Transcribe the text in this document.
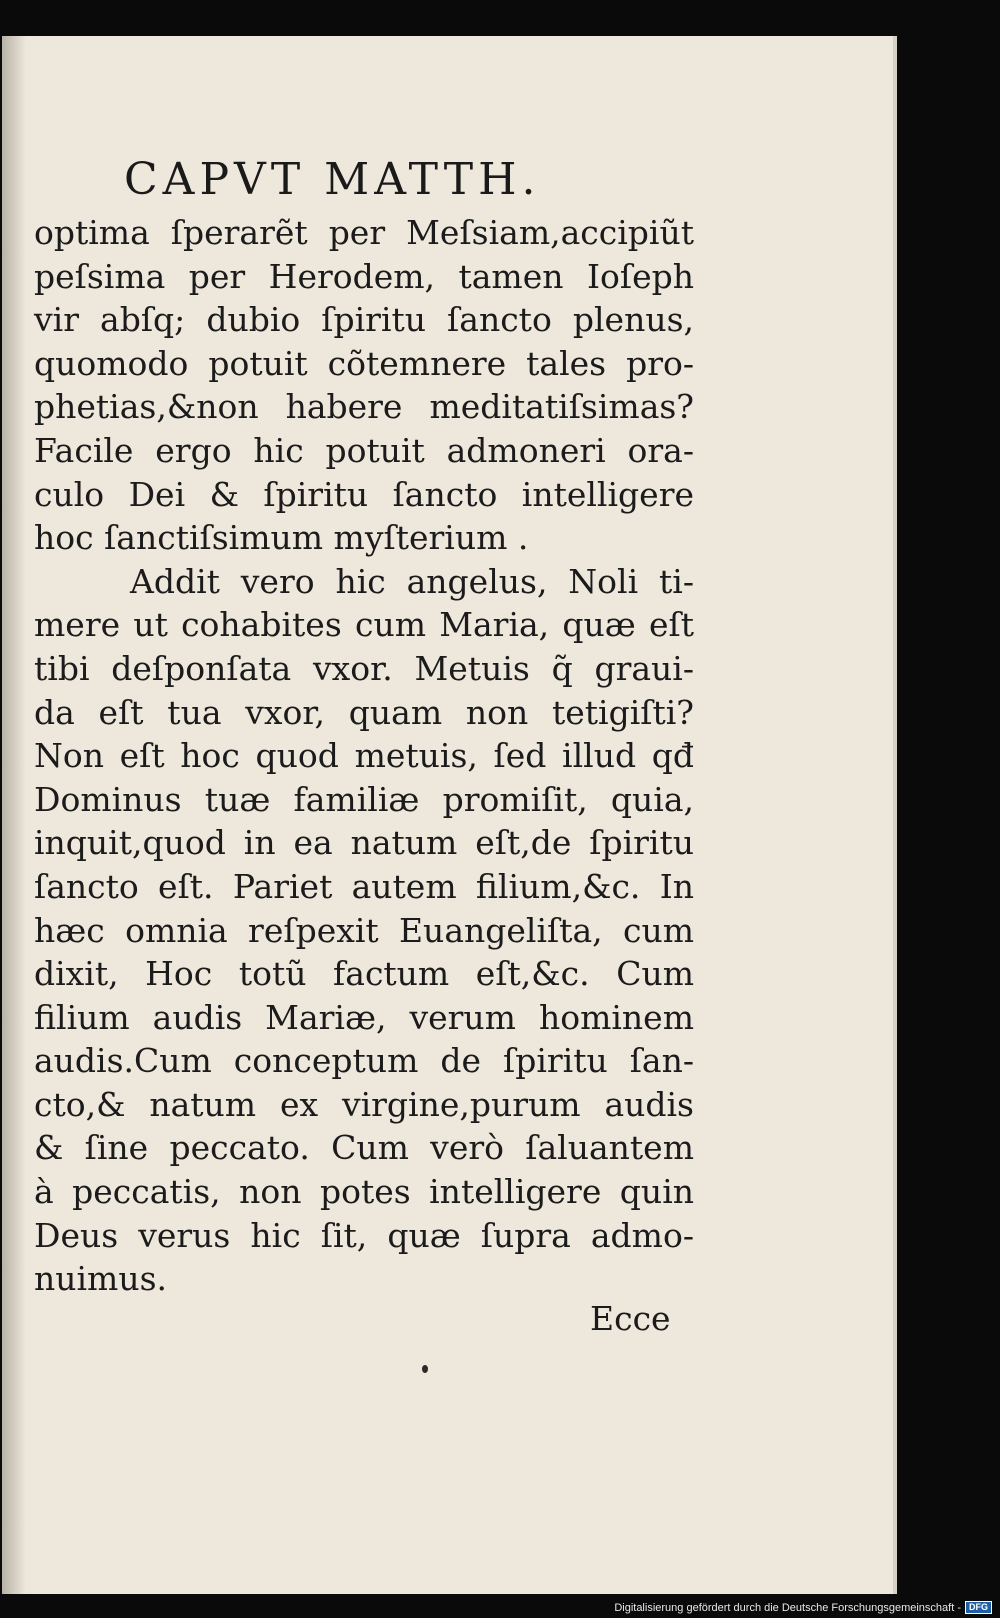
CAPVT MATTH.
optima ſperarẽt per Meſsiam,accipiũt
peſsima per Herodem, tamen Ioſeph
vir abſq; dubio ſpiritu ſancto plenus,
quomodo potuit cõtemnere tales pro-
phetias,&non habere meditatiſsimas?
Facile ergo hic potuit admoneri ora-
culo Dei & ſpiritu ſancto intelligere
hoc ſanctiſsimum myſterium .
Addit vero hic angelus, Noli ti-
mere ut cohabites cum Maria, quæ eſt
tibi deſponſata vxor. Metuis q̃ graui-
da eſt tua vxor, quam non tetigiſti?
Non eſt hoc quod metuis, ſed illud qđ
Dominus tuæ familiæ promiſit, quia,
inquit,quod in ea natum eſt,de ſpiritu
ſancto eſt. Pariet autem filium,&c. In
hæc omnia reſpexit Euangeliſta, cum
dixit, Hoc totũ factum eſt,&c. Cum
filium audis Mariæ, verum hominem
audis.Cum conceptum de ſpiritu ſan-
cto,& natum ex virgine,purum audis
& ſine peccato. Cum verò ſaluantem
à peccatis, non potes intelligere quin
Deus verus hic ſit, quæ ſupra admo-
nuimus.
Ecce
Digitalisierung gefördert durch die Deutsche Forschungsgemeinschaft - DFG
